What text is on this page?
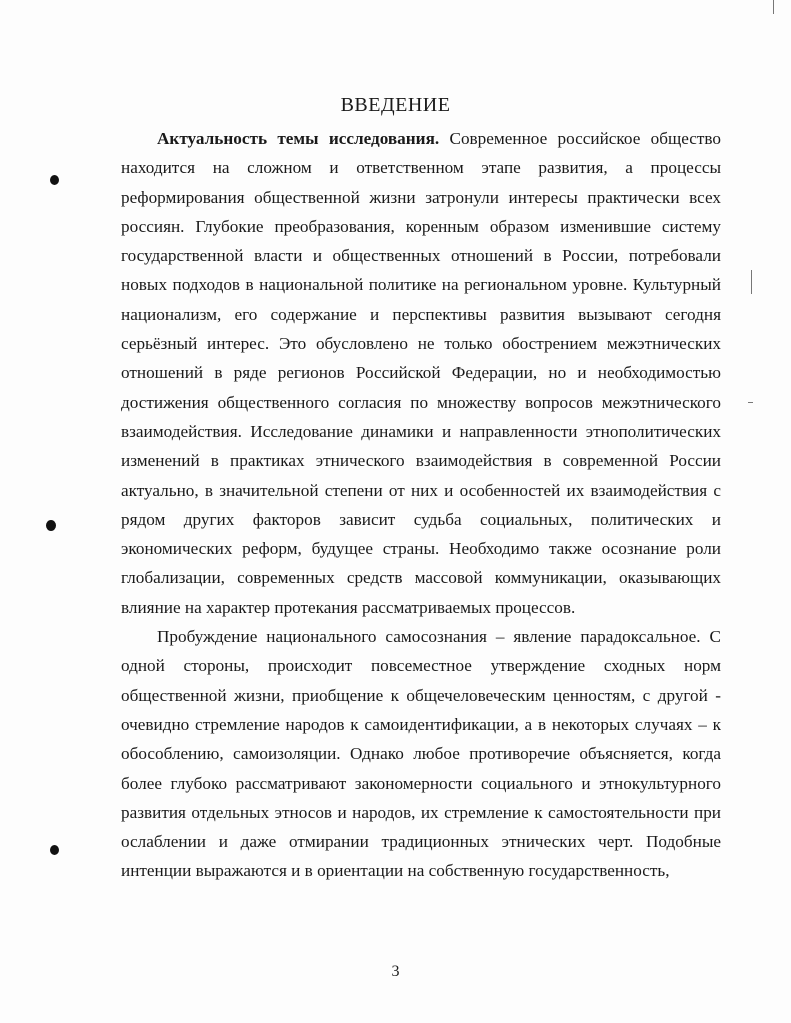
ВВЕДЕНИЕ

Актуальность темы исследования. Современное российское общество находится на сложном и ответственном этапе развития, а процессы реформирования общественной жизни затронули интересы практически всех россиян. Глубокие преобразования, коренным образом изменившие систему государственной власти и общественных отношений в России, потребовали новых подходов в национальной политике на региональном уровне. Культурный национализм, его содержание и перспективы развития вызывают сегодня серьёзный интерес. Это обусловлено не только обострением межэтнических отношений в ряде регионов Российской Федерации, но и необходимостью достижения общественного согласия по множеству вопросов межэтнического взаимодействия. Исследование динамики и направленности этнополитических изменений в практиках этнического взаимодействия в современной России актуально, в значительной степени от них и особенностей их взаимодействия с рядом других факторов зависит судьба социальных, политических и экономических реформ, будущее страны. Необходимо также осознание роли глобализации, современных средств массовой коммуникации, оказывающих влияние на характер протекания рассматриваемых процессов.

Пробуждение национального самосознания – явление парадоксальное. С одной стороны, происходит повсеместное утверждение сходных норм общественной жизни, приобщение к общечеловеческим ценностям, с другой - очевидно стремление народов к самоидентификации, а в некоторых случаях – к обособлению, самоизоляции. Однако любое противоречие объясняется, когда более глубоко рассматривают закономерности социального и этнокультурного развития отдельных этносов и народов, их стремление к самостоятельности при ослаблении и даже отмирании традиционных этнических черт. Подобные интенции выражаются и в ориентации на собственную государственность,

3
